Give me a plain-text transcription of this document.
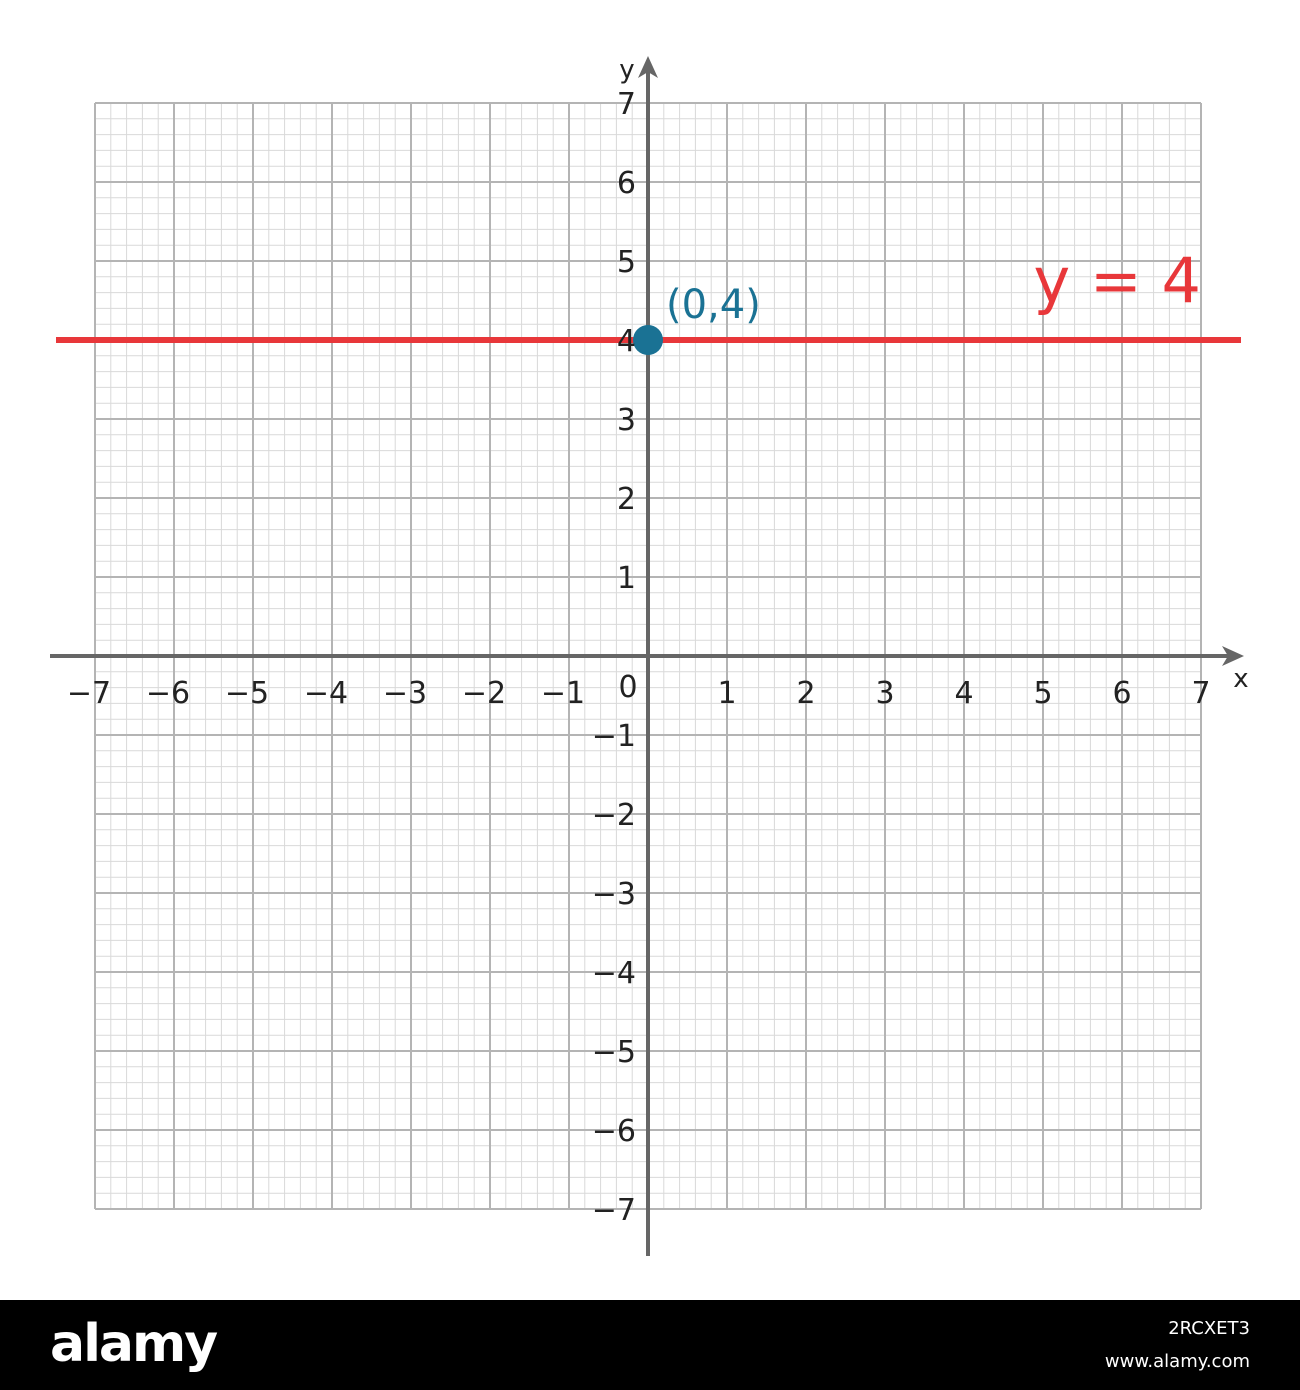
x
y
−7 −6 −5 −4 −3 −2 −1	1 2 3 4 5 6 7
7
6
5
4
3
2
1
−1
−2
−3
−4
−5
−6
−7
0
(0,4)	y = 4
alamy	2RCXET3
www.alamy.com
